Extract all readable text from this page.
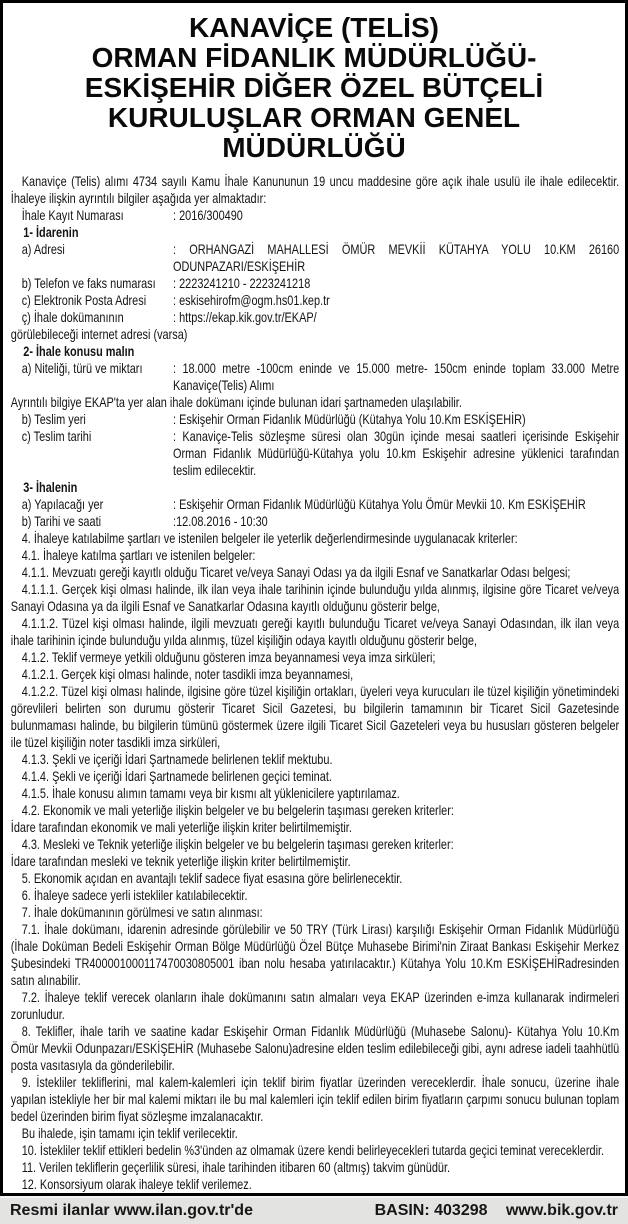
KANAVİÇE (TELİS)
ORMAN FİDANLIK MÜDÜRLÜĞÜ-
ESKİŞEHİR DİĞER ÖZEL BÜTÇELİ
KURULUŞLAR ORMAN GENEL MÜDÜRLÜĞÜ

Kanaviçe (Telis) alımı 4734 sayılı Kamu İhale Kanununun 19 uncu maddesine göre açık ihale usulü ile ihale edilecektir. İhaleye ilişkin ayrıntılı bilgiler aşağıda yer almaktadır:

İhale Kayıt Numarası	: 2016/300490
1- İdarenin
a) Adresi	: ORHANGAZİ MAHALLESİ ÖMÜR MEVKİİ KÜTAHYA YOLU 10.KM 26160 ODUNPAZARI/ESKİŞEHİR
b) Telefon ve faks numarası	: 2223241210 - 2223241218
c) Elektronik Posta Adresi	: eskisehirofm@ogm.hs01.kep.tr
ç) İhale dokümanının	: https://ekap.kik.gov.tr/EKAP/

görülebileceği internet adresi (varsa)

2- İhale konusu malın
a) Niteliği, türü ve miktarı	: 18.000 metre -100cm eninde ve 15.000 metre- 150cm eninde toplam 33.000 Metre Kanaviçe(Telis) Alımı

Ayrıntılı bilgiye EKAP'ta yer alan ihale dokümanı içinde bulunan idari şartnameden ulaşılabilir.

b) Teslim yeri	: Eskişehir Orman Fidanlık Müdürlüğü (Kütahya Yolu 10.Km ESKİŞEHİR)
c) Teslim tarihi	: Kanaviçe-Telis sözleşme süresi olan 30gün içinde mesai saatleri içerisinde Eskişehir Orman Fidanlık Müdürlüğü-Kütahya yolu 10.km Eskişehir adresine yüklenici tarafından teslim edilecektir.
3- İhalenin
a) Yapılacağı yer	: Eskişehir Orman Fidanlık Müdürlüğü Kütahya Yolu Ömür Mevkii 10. Km ESKİŞEHİR
b) Tarihi ve saati	:12.08.2016 - 10:30

4. İhaleye katılabilme şartları ve istenilen belgeler ile yeterlik değerlendirmesinde uygulanacak kriterler:

4.1. İhaleye katılma şartları ve istenilen belgeler:

4.1.1. Mevzuatı gereği kayıtlı olduğu Ticaret ve/veya Sanayi Odası ya da ilgili Esnaf ve Sanatkarlar Odası belgesi;

4.1.1.1. Gerçek kişi olması halinde, ilk ilan veya ihale tarihinin içinde bulunduğu yılda alınmış, ilgisine göre Ticaret ve/veya Sanayi Odasına ya da ilgili Esnaf ve Sanatkarlar Odasına kayıtlı olduğunu gösterir belge,

4.1.1.2. Tüzel kişi olması halinde, ilgili mevzuatı gereği kayıtlı bulunduğu Ticaret ve/veya Sanayi Odasından, ilk ilan veya ihale tarihinin içinde bulunduğu yılda alınmış, tüzel kişiliğin odaya kayıtlı olduğunu gösterir belge,

4.1.2. Teklif vermeye yetkili olduğunu gösteren imza beyannamesi veya imza sirküleri;

4.1.2.1. Gerçek kişi olması halinde, noter tasdikli imza beyannamesi,

4.1.2.2. Tüzel kişi olması halinde, ilgisine göre tüzel kişiliğin ortakları, üyeleri veya kurucuları ile tüzel kişiliğin yönetimindeki görevlileri belirten son durumu gösterir Ticaret Sicil Gazetesi, bu bilgilerin tamamının bir Ticaret Sicil Gazetesinde bulunmaması halinde, bu bilgilerin tümünü göstermek üzere ilgili Ticaret Sicil Gazeteleri veya bu hususları gösteren belgeler ile tüzel kişiliğin noter tasdikli imza sirküleri,

4.1.3. Şekli ve içeriği İdari Şartnamede belirlenen teklif mektubu.

4.1.4. Şekli ve içeriği İdari Şartnamede belirlenen geçici teminat.

4.1.5. İhale konusu alımın tamamı veya bir kısmı alt yüklenicilere yaptırılamaz.

4.2. Ekonomik ve mali yeterliğe ilişkin belgeler ve bu belgelerin taşıması gereken kriterler:

İdare tarafından ekonomik ve mali yeterliğe ilişkin kriter belirtilmemiştir.

4.3. Mesleki ve Teknik yeterliğe ilişkin belgeler ve bu belgelerin taşıması gereken kriterler:

İdare tarafından mesleki ve teknik yeterliğe ilişkin kriter belirtilmemiştir.

5. Ekonomik açıdan en avantajlı teklif sadece fiyat esasına göre belirlenecektir.

6. İhaleye sadece yerli istekliler katılabilecektir.

7. İhale dokümanının görülmesi ve satın alınması:

7.1. İhale dokümanı, idarenin adresinde görülebilir ve 50 TRY (Türk Lirası) karşılığı Eskişehir Orman Fidanlık Müdürlüğü (İhale Doküman Bedeli Eskişehir Orman Bölge Müdürlüğü Özel Bütçe Muhasebe Birimi'nin Ziraat Bankası Eskişehir Merkez Şubesindeki TR400001000117470030805001 iban nolu hesaba yatırılacaktır.) Kütahya Yolu 10.Km ESKİŞEHİRadresinden satın alınabilir.

7.2. İhaleye teklif verecek olanların ihale dokümanını satın almaları veya EKAP üzerinden e-imza kullanarak indirmeleri zorunludur.

8. Teklifler, ihale tarih ve saatine kadar Eskişehir Orman Fidanlık Müdürlüğü (Muhasebe Salonu)- Kütahya Yolu 10.Km Ömür Mevkii Odunpazarı/ESKİŞEHİR (Muhasebe Salonu)adresine elden teslim edilebileceği gibi, aynı adrese iadeli taahhütlü posta vasıtasıyla da gönderilebilir.

9. İstekliler tekliflerini, mal kalem-kalemleri için teklif birim fiyatlar üzerinden vereceklerdir. İhale sonucu, üzerine ihale yapılan istekliyle her bir mal kalemi miktarı ile bu mal kalemleri için teklif edilen birim fiyatların çarpımı sonucu bulunan toplam bedel üzerinden birim fiyat sözleşme imzalanacaktır.

Bu ihalede, işin tamamı için teklif verilecektir.

10. İstekliler teklif ettikleri bedelin %3'ünden az olmamak üzere kendi belirleyecekleri tutarda geçici teminat vereceklerdir.

11. Verilen tekliflerin geçerlilik süresi, ihale tarihinden itibaren 60 (altmış) takvim günüdür.

12. Konsorsiyum olarak ihaleye teklif verilemez.

Resmi ilanlar www.ilan.gov.tr'de	BASIN: 403298 www.bik.gov.tr
